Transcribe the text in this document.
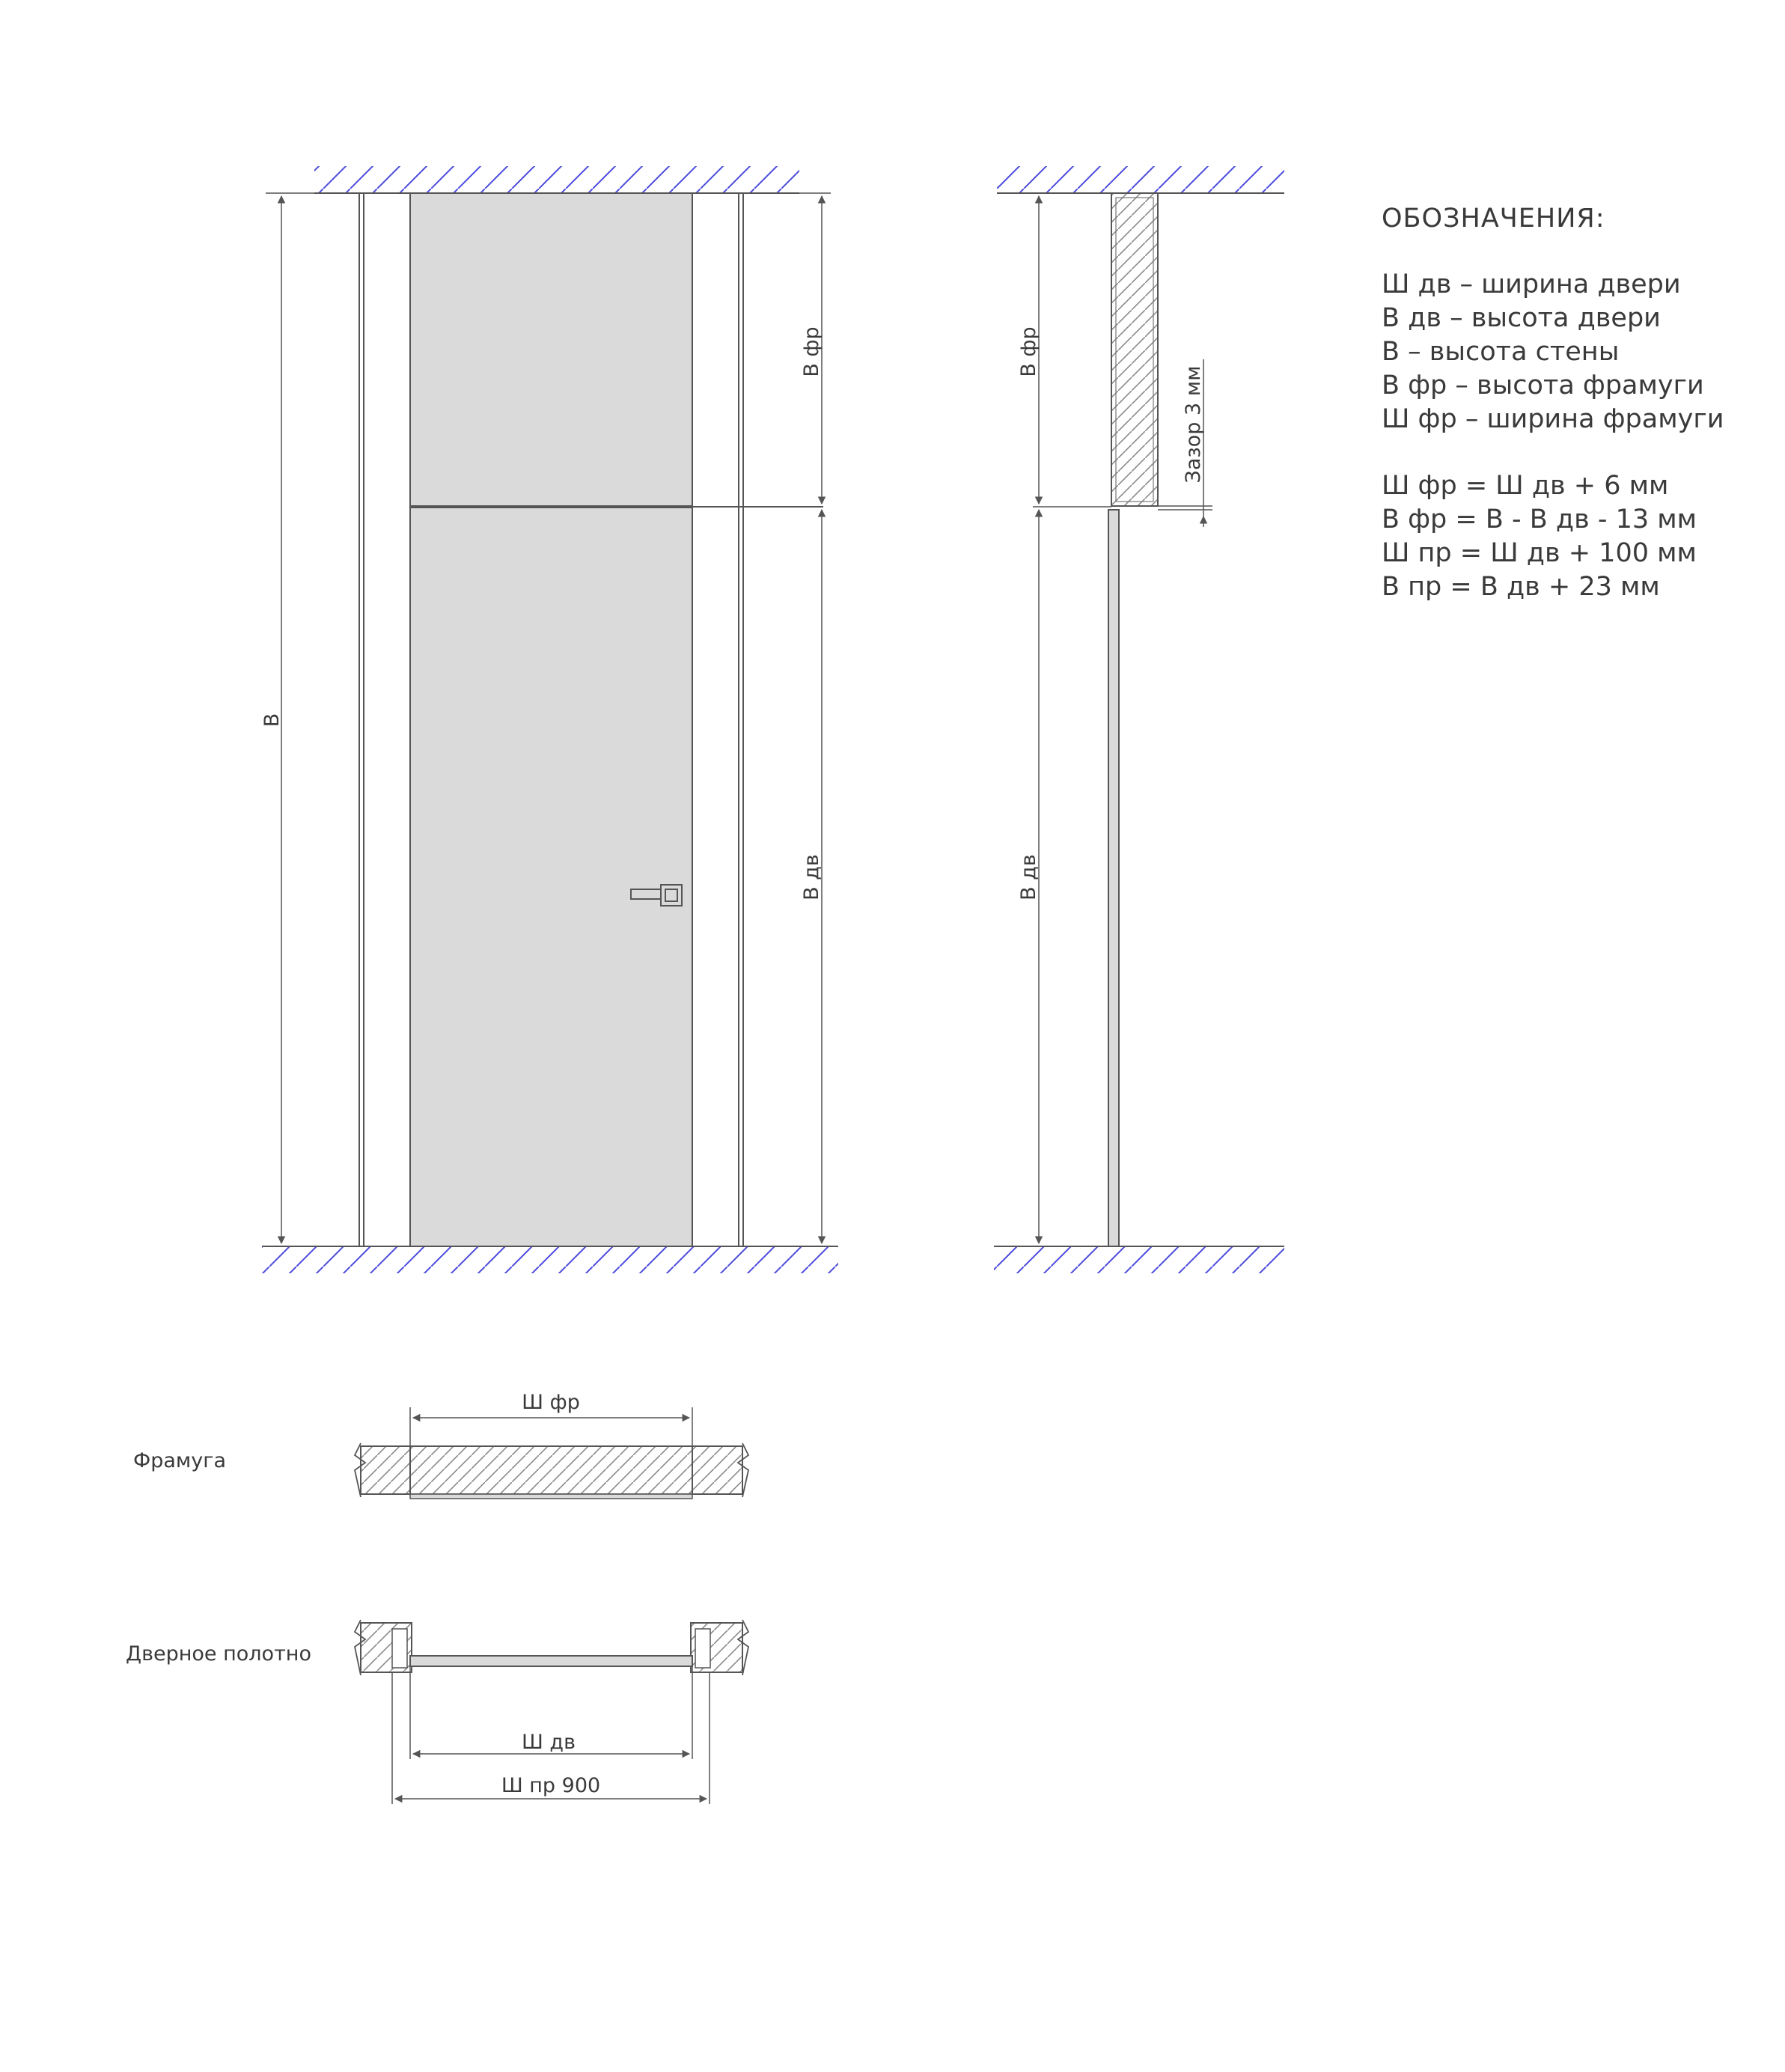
В
В фр
В дв
В фр
В дв
Зазор 3 мм
Фрамуга
Ш фр
Дверное полотно
Ш дв
Ш пр 900
ОБОЗНАЧЕНИЯ:
Ш дв – ширина двери
В дв – высота двери
В – высота стены
В фр – высота фрамуги
Ш фр – ширина фрамуги
Ш фр = Ш дв + 6 мм
В фр = В - В дв - 13 мм
Ш пр = Ш дв + 100 мм
В пр = В дв + 23 мм
